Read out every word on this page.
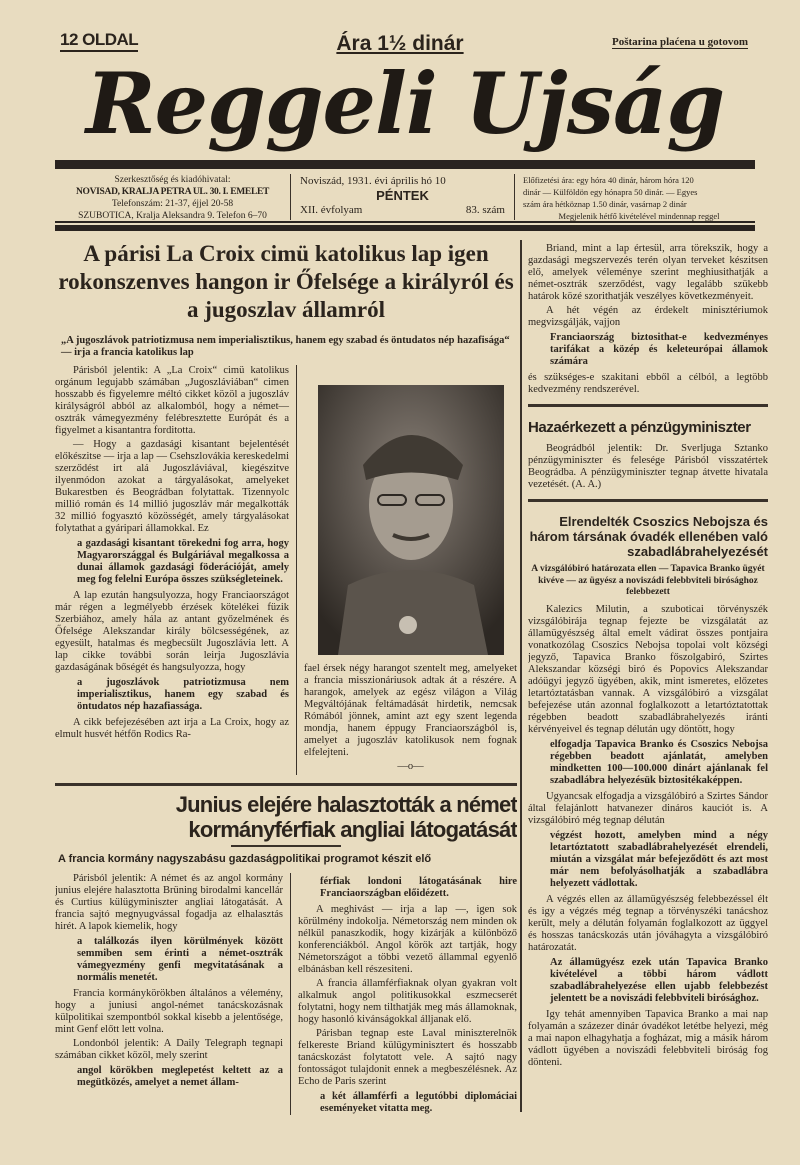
12 OLDAL	Ára 1½ dinár	Poštarina plaćena u gotovom
Reggeli Ujság
Szerkesztőség és kiadóhivatal:
NOVISAD, KRALJA PETRA UL. 30. I. EMELET
Telefonszám: 21-37, éjjel 20-58
SZUBOTICA, Kralja Aleksandra 9. Telefon 6–70
Noviszád, 1931. évi április hó 10
PÉNTEK
XII. évfolyam	83. szám
Előfizetési ára: egy hóra 40 dinár, három hóra 120
dinár — Külföldön egy hónapra 50 dinár. — Egyes
szám ára hétköznap 1.50 dinár, vasárnap 2 dinár
Megjelenik hétfő kivételével mindennap reggel
A párisi La Croix cimü katolikus lap igen rokonszenves hangon ir Őfelsége a királyról és a jugoszlav államról
„A jugoszlávok patriotizmusa nem imperialisztikus, hanem egy szabad és öntudatos nép hazafisága“ — irja a francia katolikus lap

Párisból jelentik: A „La Croix“ cimü katolikus orgánum legujabb számában „Jugoszláviában“ cimen hosszabb és figyelemre méltó cikket közöl a jugoszláv királyságról abból az alkalomból, hogy a német—osztrák vámegyezmény felébresztette Európát és a figyelmet a kisantantra forditotta.

— Hogy a gazdasági kisantant bejelentését előkészitse — irja a lap — Csehszlovákia kereskedelmi szerződést irt alá Jugoszláviával, kiegészitve ilyenmódon azokat a tárgyalásokat, amelyeket Bukarestben és Beográdban folytattak. Tizennyolc millió román és 14 millió jugoszláv már megalkották 32 millió fogyasztó közösségét, amely tárgyalásokat folytathat a gyáripari államokkal. Ez

a gazdasági kisantant törekedni fog arra, hogy Magyarországgal és Bulgáriával megalkossa a dunai államok gazdasági föderációját, amely meg fog felelni Európa összes szükségleteinek.

A lap ezután hangsulyozza, hogy Franciaországot már régen a legmélyebb érzések kötelékei füzik Szerbiához, amely hála az antant győzelmének és Őfelsége Alekszandar király bölcsességének, az egyesült, hatalmas és megbecsült Jugoszlávia lett. A lap cikke további során leirja Jugoszlávia gazdaságának bőségét és hangsulyozza, hogy

a jugoszlávok patriotizmusa nem imperialisztikus, hanem egy szabad és öntudatos nép hazafiassága.

A cikk befejezésében azt irja a La Croix, hogy az elmult husvét hétfőn Rodics Ra-

fael érsek négy harangot szentelt meg, amelyeket a francia misszionáriusok adtak át a részére. A harangok, amelyek az egész világon a Világ Megváltójának feltámadását hirdetik, nemcsak Rómából jönnek, amint azt egy szent legenda mondja, hanem éppugy Franciaországból is, amelyet a jugoszláv katolikusok nem fognak elfelejteni.

—o—

Junius elejére halasztották a német kormányférfiak angliai látogatását
A francia kormány nagyszabásu gazdaságpolitikai programot készit elő

Párisból jelentik: A német és az angol kormány junius elejére halasztotta Brüning birodalmi kancellár és Curtius külügyminiszter angliai látogatását. A francia sajtó megnyugvással fogadja az elhalasztás hirét. A lapok kiemelik, hogy

a találkozás ilyen körülmények között semmiben sem érinti a német-osztrák vámegyezmény genfi megvitatásának a normális menetét.

Francia kormánykörökben általános a vélemény, hogy a juniusi angol-német tanácskozásnak külpolitikai szempontból sokkal kisebb a jelentősége, mint Genf előtt lett volna.

Londonból jelentik: A Daily Telegraph tegnapi számában cikket közöl, mely szerint

angol körökben meglepetést keltett az a megütközés, amelyet a nemet állam-

férfiak londoni látogatásának hire Franciaországban előidézett.

A meghivást — irja a lap —, igen sok körülmény indokolja. Németország nem minden ok nélkül panaszkodik, hogy kizárják a különböző konferenciákból. Angol körök azt tartják, hogy Németországot a többi vezető állammal egyenlő elbánásban kell részesiteni.

A francia államférfiaknak olyan gyakran volt alkalmuk angol politikusokkal eszmecserét folytatni, hogy nem tilthatják meg más államoknak, hogy hasonló kivánságokkal álljanak elő.

Párisban tegnap este Laval miniszterelnök felkereste Briand külügyminisztert és hosszabb tanácskozást folytatott vele. A sajtó nagy fontosságot tulajdonit ennek a megbeszélésnek. Az Echo de Paris szerint

a két államférfi a legutóbbi diplomáciai eseményeket vitatta meg.

Briand, mint a lap értesül, arra törekszik, hogy a gazdasági megszervezés terén olyan terveket készitsen elő, amelyek véleménye szerint meghiusithatják a német-osztrák szerződést, vagy legalább szükebb határok közé szorithatják veszélyes következményeit.

A hét végén az érdekelt minisztériumok megvizsgálják, vajjon

Franciaország biztosithat-e kedvezményes tarifákat a közép és keleteurópai államok számára

és szükséges-e szakitani ebből a célból, a legtöbb kedvezmény rendszerével.

Hazaérkezett a pénzügyminiszter

Beográdból jelentik: Dr. Sverljuga Sztanko pénzügyminiszter és felesége Párisból visszatértek Beográdba. A pénzügyminiszter tegnap átvette hivatala vezetését. (A. A.)

Elrendelték Csoszics Nebojsza és három társának óvadék ellenében való szabadlábrahelyezését
A vizsgálóbiró határozata ellen — Tapavica Branko ügyét kivéve — az ügyész a noviszádi felebbviteli birósághoz felebbezett

Kalezics Milutin, a szuboticai törvényszék vizsgálóbirája tegnap fejezte be vizsgálatát az államügyészség által emelt vádirat összes pontjaira vonatkozólag Csoszics Nebojsa topolai volt községi jegyző, Tapavica Branko főszolgabiró, Szirtes Alekszandar községi biró és Popovics Alekszandar adóügyi jegyző ügyében, akik, mint ismeretes, előzetes letartóztatásban vannak. A vizsgálóbiró a vizsgálat befejezése után azonnal foglalkozott a letartóztatottak régebben beadott szabadlábrahelyezés iránti kérvényeivel és tegnap délután ugy döntött, hogy

elfogadja Tapavica Branko és Csoszics Nebojsa régebben beadott ajánlatát, amelyben mindketten 100—100.000 dinárt ajánlanak fel szabadlábra helyezésük biztositékaképpen.

Ugyancsak elfogadja a vizsgálóbiró a Szirtes Sándor által felajánlott hatvanezer dináros kauciót is. A vizsgálóbiró még tegnap délután

végzést hozott, amelyben mind a négy letartóztatott szabadlábrahelyezését elrendeli, miután a vizsgálat már befejeződött és azt most már nem befolyásolhatják a szabadlábra helyezett vádlottak.

A végzés ellen az államügyészség felebbezéssel élt és igy a végzés még tegnap a törvényszéki tanácshoz került, mely a délután folyamán foglalkozott az üggyel és hosszas tanácskozás után jóváhagyta a vizsgálóbiró határozatát.

Az államügyész ezek után Tapavica Branko kivételével a többi három vádlott szabadlábrahelyezése ellen ujabb felebbezést jelentett be a noviszádi felebbviteli birósághoz.

Igy tehát amennyiben Tapavica Branko a mai nap folyamán a százezer dinár óvadékot letétbe helyezi, még a mai napon elhagyhatja a fogházat, mig a másik három vádlott ügyében a noviszádi felebbviteli biróság fog dönteni.
